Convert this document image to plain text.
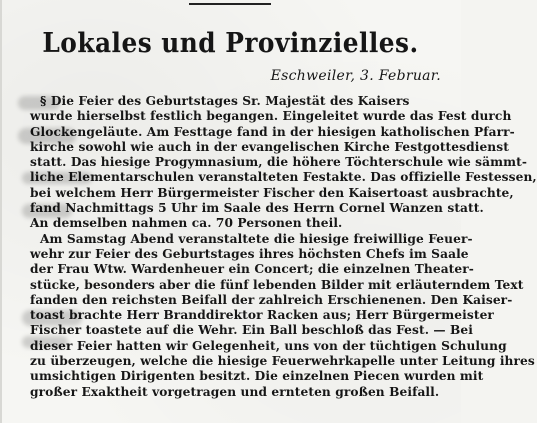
Lokales und Provinzielles.
Eschweiler, 3. Februar.
§ Die Feier des Geburtstages Sr. Majestät des Kaisers
wurde hierselbst festlich begangen. Eingeleitet wurde das Fest durch
Glockengeläute. Am Festtage fand in der hiesigen katholischen Pfarr-
kirche sowohl wie auch in der evangelischen Kirche Festgottesdienst
statt. Das hiesige Progymnasium, die höhere Töchterschule wie sämmt-
liche Elementarschulen veranstalteten Festakte. Das offizielle Festessen,
bei welchem Herr Bürgermeister Fischer den Kaisertoast ausbrachte,
fand Nachmittags 5 Uhr im Saale des Herrn Cornel Wanzen statt.
An demselben nahmen ca. 70 Personen theil.
Am Samstag Abend veranstaltete die hiesige freiwillige Feuer-
wehr zur Feier des Geburtstages ihres höchsten Chefs im Saale
der Frau Wtw. Wardenheuer ein Concert; die einzelnen Theater-
stücke, besonders aber die fünf lebenden Bilder mit erläuterndem Text
fanden den reichsten Beifall der zahlreich Erschienenen. Den Kaiser-
toast brachte Herr Branddirektor Racken aus; Herr Bürgermeister
Fischer toastete auf die Wehr. Ein Ball beschloß das Fest. — Bei
dieser Feier hatten wir Gelegenheit, uns von der tüchtigen Schulung
zu überzeugen, welche die hiesige Feuerwehrkapelle unter Leitung ihres
umsichtigen Dirigenten besitzt. Die einzelnen Piecen wurden mit
großer Exaktheit vorgetragen und ernteten großen Beifall.
